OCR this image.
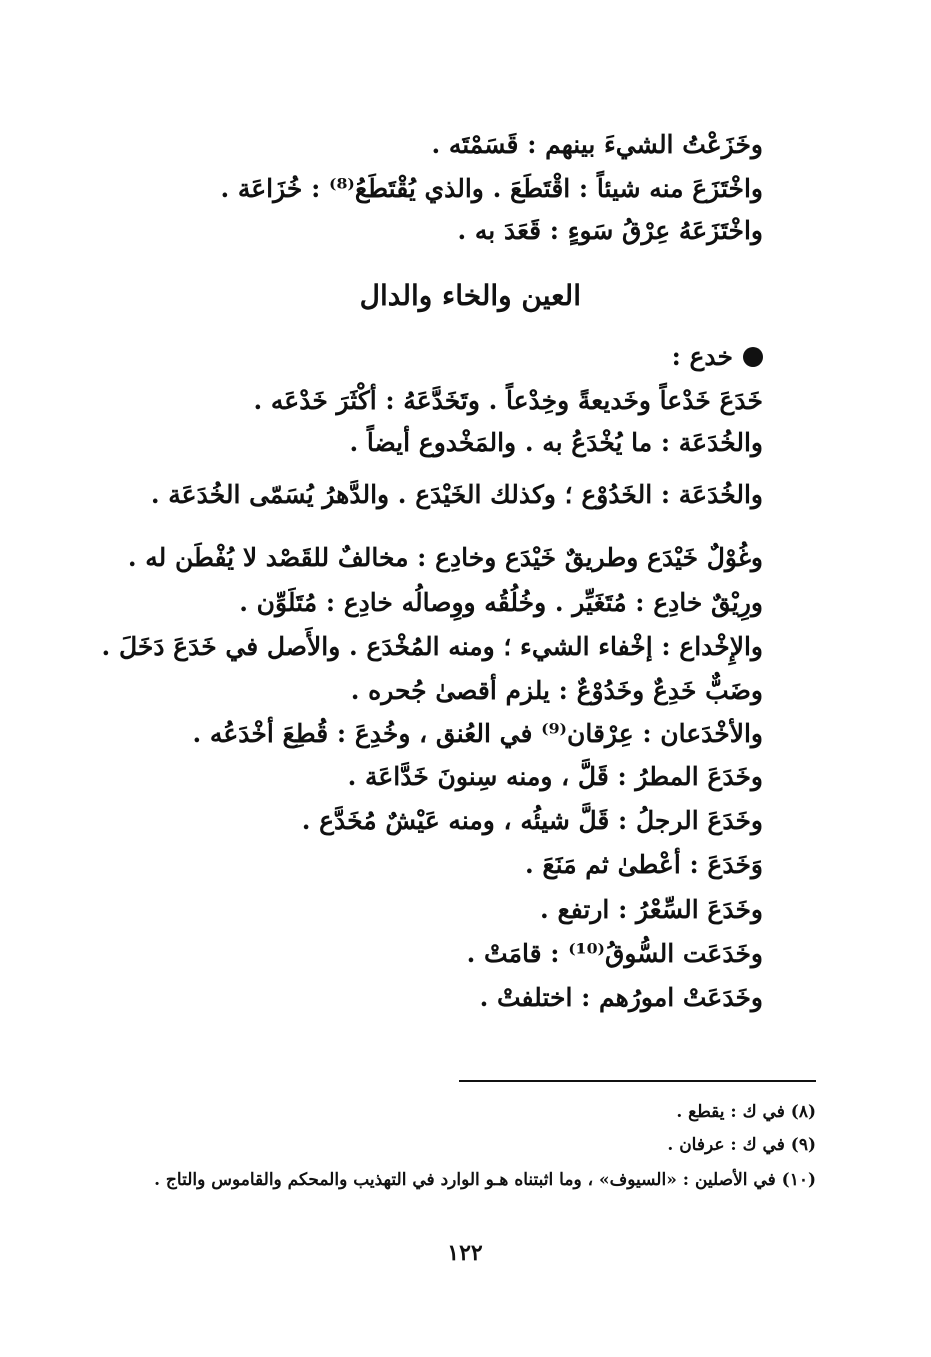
وخَزَعْتُ الشيءَ بينهم : قَسَمْتَه .
واخْتَزَعَ منه شيئاً : اقْتَطَعَ . والذي يُقْتَطَعُ⁽⁸⁾ : خُزَاعَة .
واخْتَزَعَهُ عِرْقُ سَوءٍ : قَعَدَ به .
العين والخاء والدال
خدع :
خَدَعَ خَدْعاً وخَديعةً وخِدْعاً . وتَخَدَّعَهُ : أكْثَرَ خَدْعَه .
والخُدَعَة : ما يُخْدَعُ به . والمَخْدوع أيضاً .
والخُدَعَة : الخَدُوْع ؛ وكذلك الخَيْدَع . والدَّهرُ يُسَمّى الخُدَعَة .
وغُوْلٌ خَيْدَع وطريقٌ خَيْدَع وخادِع : مخالفٌ للقَصْد لا يُفْطَن له .
ورِيْقٌ خادِع : مُتَغَيِّر . وخُلُقُه ووِصالُه خادِع : مُتَلَوِّن .
والإِخْداع : إخْفاء الشيء ؛ ومنه المُخْدَع . والأَصل في خَدَعَ دَخَلَ .
وضَبٌّ خَدِعٌ وخَدُوْعٌ : يلزم أقصىٰ جُحره .
والأخْدَعان : عِرْقان⁽⁹⁾ في العُنق ، وخُدِعَ : قُطِعَ أخْدَعُه .
وخَدَعَ المطرُ : قَلَّ ، ومنه سِنونَ خَدَّاعَة .
وخَدَعَ الرجلُ : قَلَّ شيئُه ، ومنه عَيْشٌ مُخَدَّع .
وَخَدَعَ : أعْطىٰ ثم مَنَعَ .
وخَدَعَ السِّعْرُ : ارتفع .
وخَدَعَت السُّوقُ⁽¹⁰⁾ : قامَتْ .
وخَدَعَتْ امورُهم : اختلفتْ .
(٨) في ك : يقطع .
(٩) في ك : عرفان .
(١٠) في الأصلين : «السيوف» ، وما اثبتناه هـو الوارد في التهذيب والمحكم والقاموس والتاج .
١٢٢
